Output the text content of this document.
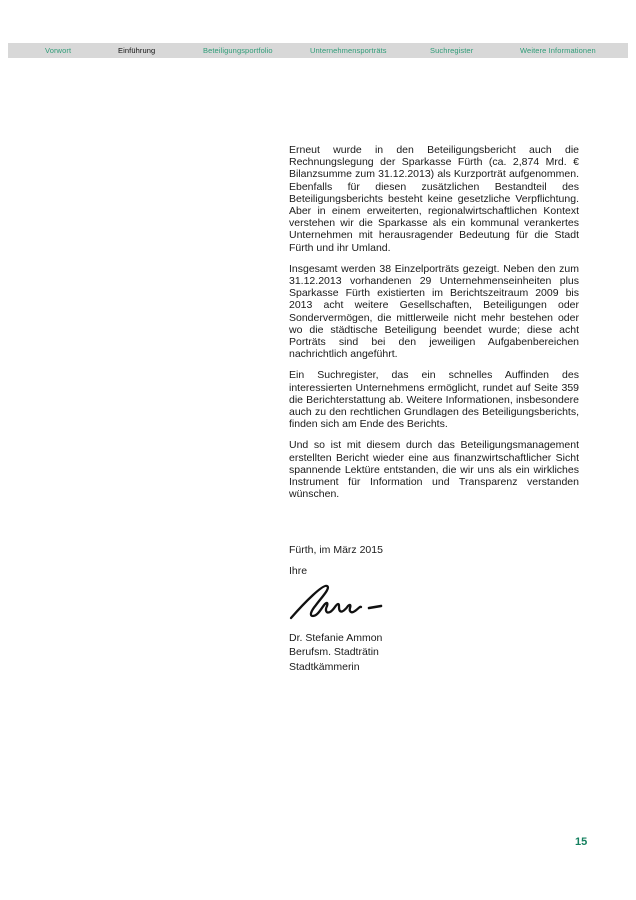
Vorwort	Einführung	Beteiligungsportfolio	Unternehmensporträts	Suchregister	Weitere Informationen

Erneut wurde in den Beteiligungsbericht auch die Rechnungslegung der Sparkasse Fürth (ca. 2,874 Mrd. € Bilanzsumme zum 31.12.2013) als Kurzporträt aufgenommen. Ebenfalls für diesen zusätzlichen Bestandteil des Beteiligungsberichts besteht keine gesetzliche Verpflichtung. Aber in einem erweiterten, regionalwirtschaftlichen Kontext verstehen wir die Sparkasse als ein kommunal verankertes Unternehmen mit herausragender Bedeutung für die Stadt Fürth und ihr Umland.

Insgesamt werden 38 Einzelporträts gezeigt. Neben den zum 31.12.2013 vorhandenen 29 Unternehmenseinheiten plus Sparkasse Fürth existierten im Berichtszeitraum 2009 bis 2013 acht weitere Gesellschaften, Beteiligungen oder Sondervermögen, die mittlerweile nicht mehr bestehen oder wo die städtische Beteiligung beendet wurde; diese acht Porträts sind bei den jeweiligen Aufgabenbereichen nachrichtlich angeführt.

Ein Suchregister, das ein schnelles Auffinden des interessierten Unternehmens ermöglicht, rundet auf Seite 359 die Berichterstattung ab. Weitere Informationen, insbesondere auch zu den rechtlichen Grundlagen des Beteiligungsberichts, finden sich am Ende des Berichts.

Und so ist mit diesem durch das Beteiligungsmanagement erstellten Bericht wieder eine aus finanzwirtschaftlicher Sicht spannende Lektüre entstanden, die wir uns als ein wirkliches Instrument für Information und Transparenz verstanden wünschen.

Fürth, im März 2015

Ihre

Dr. Stefanie Ammon
Berufsm. Stadträtin
Stadtkämmerin
15
